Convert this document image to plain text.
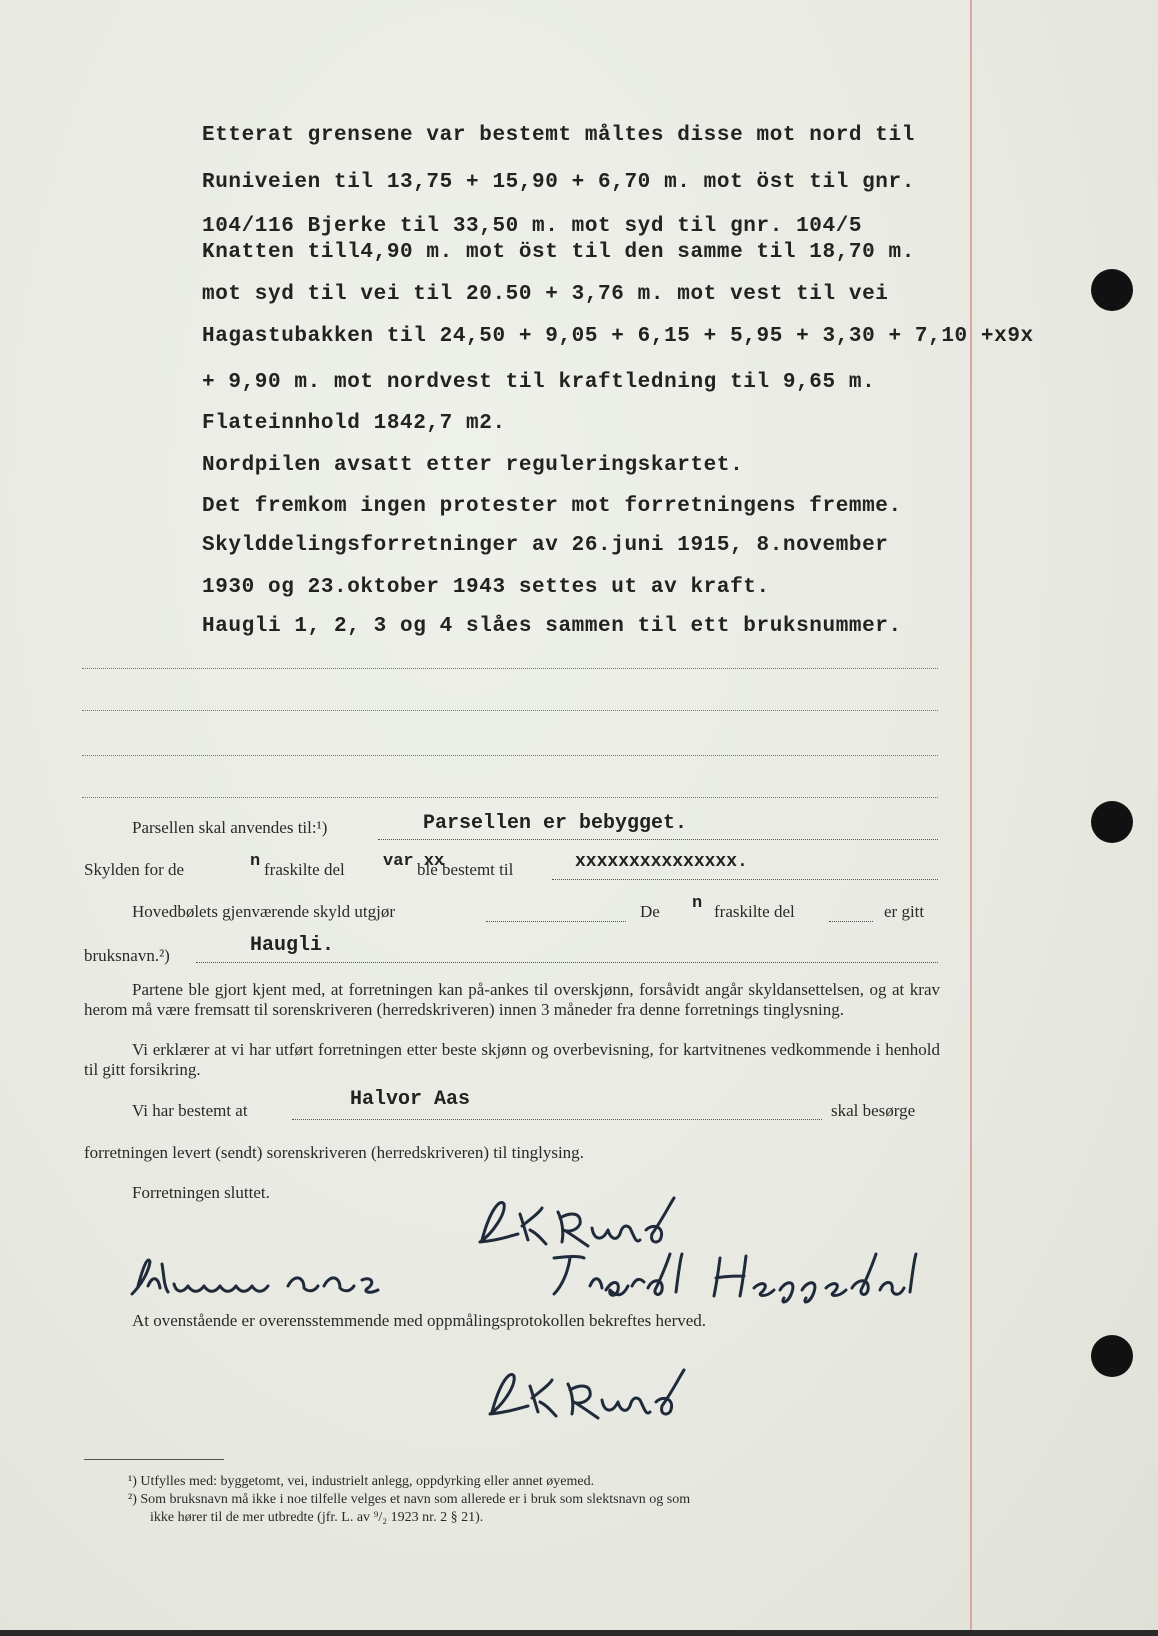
Etterat grensene var bestemt måltes disse mot nord til
Runiveien til 13,75 + 15,90 + 6,70 m. mot öst til gnr.
104/116 Bjerke til 33,50 m. mot syd til gnr. 104/5
Knatten till4,90 m. mot öst til den samme til 18,70 m.
mot syd til vei til 20.50 + 3,76 m. mot vest til vei
Hagastubakken til 24,50 + 9,05 + 6,15 + 5,95 + 3,30 + 7,10 +x9x
+ 9,90 m. mot nordvest til kraftledning til 9,65 m.
Flateinnhold 1842,7 m2.
Nordpilen avsatt etter reguleringskartet.
Det fremkom ingen protester mot forretningens fremme.
Skylddelingsforretninger av 26.juni 1915, 8.november
1930 og 23.oktober 1943 settes ut av kraft.
Haugli 1, 2, 3 og 4 slåes sammen til ett bruksnummer.
Parsellen skal anvendes til:¹)	Parsellen er bebygget.
Skylden for de	n fraskilte del var xx
ble bestemt til	xxxxxxxxxxxxxxx.
Hovedbølets gjenværende skyld utgjør	De n fraskilte del	er gitt
bruksnavn.²)	Haugli.
Partene ble gjort kjent med, at forretningen kan på-ankes til overskjønn, forsåvidt angår skyldansettelsen, og at krav herom må være fremsatt til sorenskriveren (herredskriveren) innen 3 måneder fra denne forretnings tinglysning.
Vi erklærer at vi har utført forretningen etter beste skjønn og overbevisning, for kartvitnenes vedkommende i henhold til gitt forsikring.
Vi har bestemt at	Halvor Aas	skal besørge
forretningen levert (sendt) sorenskriveren (herredskriveren) til tinglysing.
Forretningen sluttet.
At ovenstående er overensstemmende med oppmålingsprotokollen bekreftes herved.
¹) Utfylles med: byggetomt, vei, industrielt anlegg, oppdyrking eller annet øyemed.
²) Som bruksnavn må ikke i noe tilfelle velges et navn som allerede er i bruk som slektsnavn og som
ikke hører til de mer utbredte (jfr. L. av ⁹/₂ 1923 nr. 2 § 21).
